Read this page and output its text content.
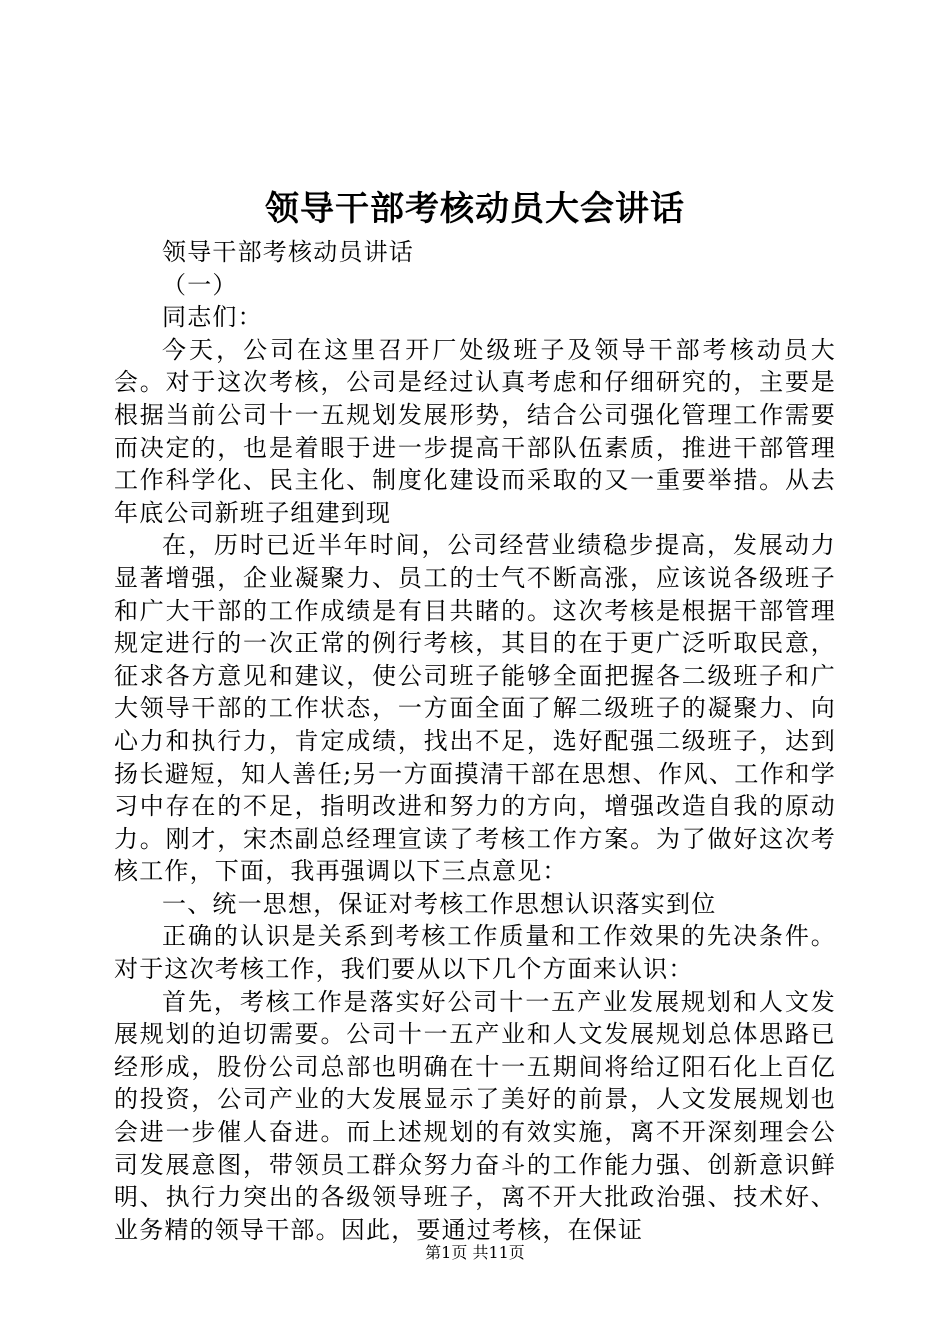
领导干部考核动员大会讲话

领导干部考核动员讲话

（一）

同志们：

今天，公司在这里召开厂处级班子及领导干部考核动员大会。对于这次考核，公司是经过认真考虑和仔细研究的，主要是根据当前公司十一五规划发展形势，结合公司强化管理工作需要而决定的，也是着眼于进一步提高干部队伍素质，推进干部管理工作科学化、民主化、制度化建设而采取的又一重要举措。从去年底公司新班子组建到现

在，历时已近半年时间，公司经营业绩稳步提高，发展动力显著增强，企业凝聚力、员工的士气不断高涨，应该说各级班子和广大干部的工作成绩是有目共睹的。这次考核是根据干部管理规定进行的一次正常的例行考核，其目的在于更广泛听取民意，征求各方意见和建议，使公司班子能够全面把握各二级班子和广大领导干部的工作状态，一方面全面了解二级班子的凝聚力、向心力和执行力，肯定成绩，找出不足，选好配强二级班子，达到扬长避短，知人善任;另一方面摸清干部在思想、作风、工作和学习中存在的不足，指明改进和努力的方向，增强改造自我的原动力。刚才，宋杰副总经理宣读了考核工作方案。为了做好这次考核工作，下面，我再强调以下三点意见：

一、统一思想，保证对考核工作思想认识落实到位

正确的认识是关系到考核工作质量和工作效果的先决条件。对于这次考核工作，我们要从以下几个方面来认识：

首先，考核工作是落实好公司十一五产业发展规划和人文发展规划的迫切需要。公司十一五产业和人文发展规划总体思路已经形成，股份公司总部也明确在十一五期间将给辽阳石化上百亿的投资，公司产业的大发展显示了美好的前景，人文发展规划也会进一步催人奋进。而上述规划的有效实施，离不开深刻理会公司发展意图，带领员工群众努力奋斗的工作能力强、创新意识鲜明、执行力突出的各级领导班子，离不开大批政治强、技术好、业务精的领导干部。因此，要通过考核，在保证

第1页 共11页
